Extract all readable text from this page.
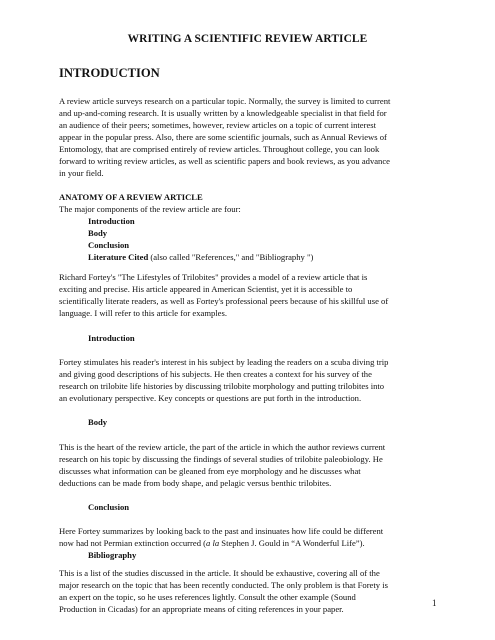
WRITING A SCIENTIFIC REVIEW ARTICLE
INTRODUCTION
A review article surveys research on a particular topic. Normally, the survey is limited to current
and up-and-coming research. It is usually written by a knowledgeable specialist in that field for
an audience of their peers; sometimes, however, review articles on a topic of current interest
appear in the popular press. Also, there are some scientific journals, such as Annual Reviews of
Entomology, that are comprised entirely of review articles. Throughout college, you can look
forward to writing review articles, as well as scientific papers and book reviews, as you advance
in your field.
ANATOMY OF A REVIEW ARTICLE
The major components of the review article are four:
Introduction
Body
Conclusion
Literature Cited (also called "References," and "Bibliography ")
Richard Fortey's "The Lifestyles of Trilobites" provides a model of a review article that is
exciting and precise. His article appeared in American Scientist, yet it is accessible to
scientifically literate readers, as well as Fortey's professional peers because of his skillful use of
language. I will refer to this article for examples.
Introduction
Fortey stimulates his reader's interest in his subject by leading the readers on a scuba diving trip
and giving good descriptions of his subjects. He then creates a context for his survey of the
research on trilobite life histories by discussing trilobite morphology and putting trilobites into
an evolutionary perspective. Key concepts or questions are put forth in the introduction.
Body
This is the heart of the review article, the part of the article in which the author reviews current
research on his topic by discussing the findings of several studies of trilobite paleobiology. He
discusses what information can be gleaned from eye morphology and he discusses what
deductions can be made from body shape, and pelagic versus benthic trilobites.
Conclusion
Here Fortey summarizes by looking back to the past and insinuates how life could be different
now had not Permian extinction occurred (a la Stephen J. Gould in “A Wonderful Life”).
Bibliography
This is a list of the studies discussed in the article. It should be exhaustive, covering all of the
major research on the topic that has been recently conducted. The only problem is that Forety is
an expert on the topic, so he uses references lightly. Consult the other example (Sound
Production in Cicadas) for an appropriate means of citing references in your paper.
1
